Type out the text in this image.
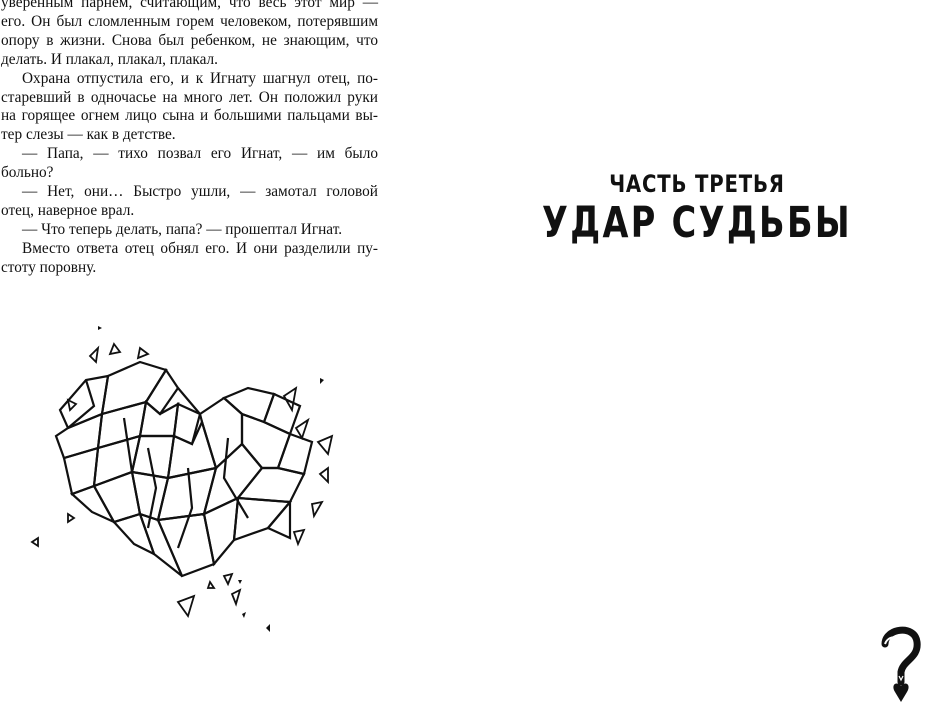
уверенным парнем, считающим, что весь этот мир —
его. Он был сломленным горем человеком, потерявшим
опору в жизни. Снова был ребенком, не знающим, что
делать. И плакал, плакал, плакал.
Охрана отпустила его, и к Игнату шагнул отец, по-
старевший в одночасье на много лет. Он положил руки
на горящее огнем лицо сына и большими пальцами вы-
тер слезы — как в детстве.
— Папа, — тихо позвал его Игнат, — им было
больно?
— Нет, они… Быстро ушли, — замотал головой
отец, наверное врал.
— Что теперь делать, папа? — прошептал Игнат.
Вместо ответа отец обнял его. И они разделили пу-
стоту поровну.
ЧАСТЬ ТРЕТЬЯ
УДАР СУДЬБЫ
